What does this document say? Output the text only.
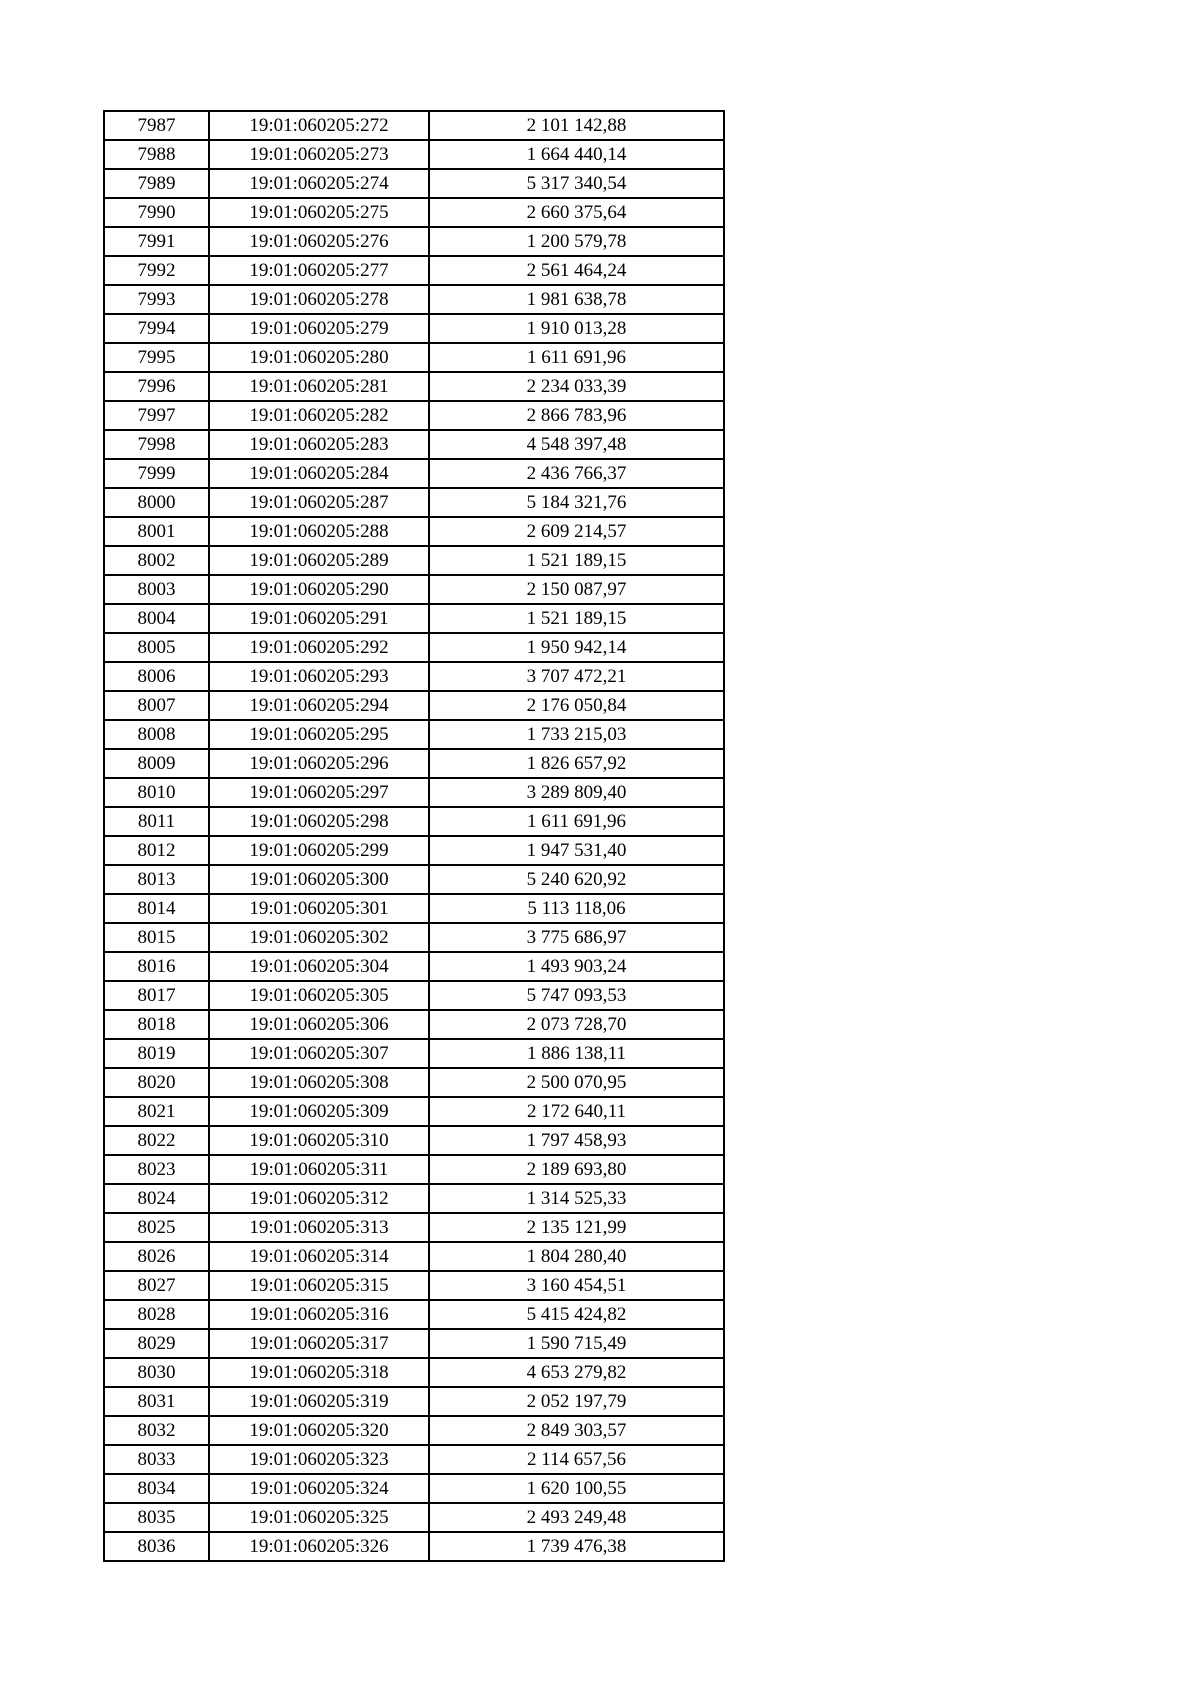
7987	19:01:060205:272	2 101 142,88
7988	19:01:060205:273	1 664 440,14
7989	19:01:060205:274	5 317 340,54
7990	19:01:060205:275	2 660 375,64
7991	19:01:060205:276	1 200 579,78
7992	19:01:060205:277	2 561 464,24
7993	19:01:060205:278	1 981 638,78
7994	19:01:060205:279	1 910 013,28
7995	19:01:060205:280	1 611 691,96
7996	19:01:060205:281	2 234 033,39
7997	19:01:060205:282	2 866 783,96
7998	19:01:060205:283	4 548 397,48
7999	19:01:060205:284	2 436 766,37
8000	19:01:060205:287	5 184 321,76
8001	19:01:060205:288	2 609 214,57
8002	19:01:060205:289	1 521 189,15
8003	19:01:060205:290	2 150 087,97
8004	19:01:060205:291	1 521 189,15
8005	19:01:060205:292	1 950 942,14
8006	19:01:060205:293	3 707 472,21
8007	19:01:060205:294	2 176 050,84
8008	19:01:060205:295	1 733 215,03
8009	19:01:060205:296	1 826 657,92
8010	19:01:060205:297	3 289 809,40
8011	19:01:060205:298	1 611 691,96
8012	19:01:060205:299	1 947 531,40
8013	19:01:060205:300	5 240 620,92
8014	19:01:060205:301	5 113 118,06
8015	19:01:060205:302	3 775 686,97
8016	19:01:060205:304	1 493 903,24
8017	19:01:060205:305	5 747 093,53
8018	19:01:060205:306	2 073 728,70
8019	19:01:060205:307	1 886 138,11
8020	19:01:060205:308	2 500 070,95
8021	19:01:060205:309	2 172 640,11
8022	19:01:060205:310	1 797 458,93
8023	19:01:060205:311	2 189 693,80
8024	19:01:060205:312	1 314 525,33
8025	19:01:060205:313	2 135 121,99
8026	19:01:060205:314	1 804 280,40
8027	19:01:060205:315	3 160 454,51
8028	19:01:060205:316	5 415 424,82
8029	19:01:060205:317	1 590 715,49
8030	19:01:060205:318	4 653 279,82
8031	19:01:060205:319	2 052 197,79
8032	19:01:060205:320	2 849 303,57
8033	19:01:060205:323	2 114 657,56
8034	19:01:060205:324	1 620 100,55
8035	19:01:060205:325	2 493 249,48
8036	19:01:060205:326	1 739 476,38
